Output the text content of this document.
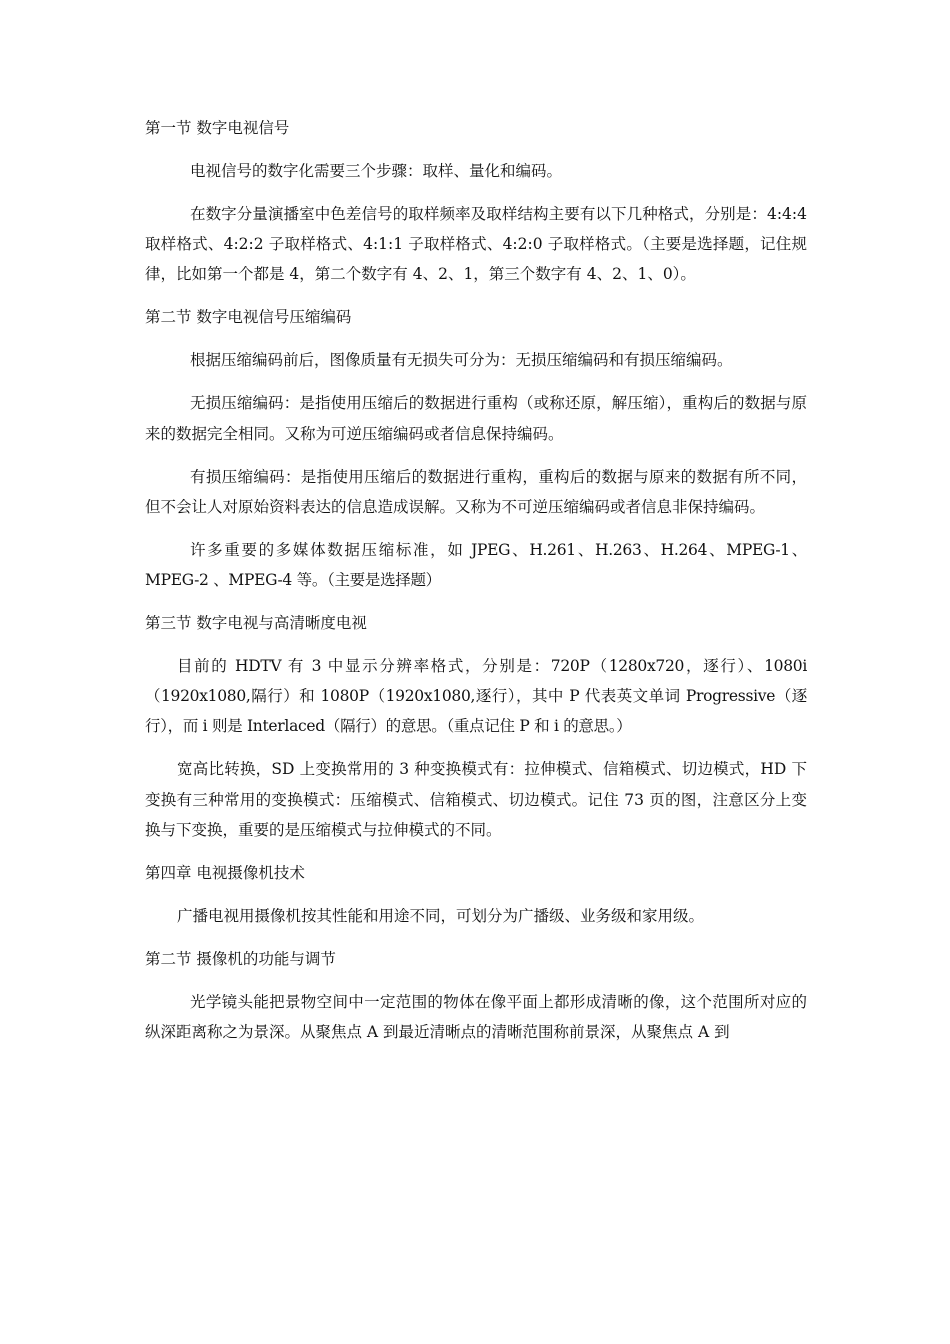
第一节 数字电视信号

电视信号的数字化需要三个步骤：取样、量化和编码。

在数字分量演播室中色差信号的取样频率及取样结构主要有以下几种格式，分别是：4:4:4 取样格式、4:2:2 子取样格式、4:1:1 子取样格式、4:2:0 子取样格式。（主要是选择题，记住规律，比如第一个都是 4，第二个数字有 4、2、1，第三个数字有 4、2、1、0）。

第二节 数字电视信号压缩编码

根据压缩编码前后，图像质量有无损失可分为：无损压缩编码和有损压缩编码。

无损压缩编码：是指使用压缩后的数据进行重构（或称还原，解压缩），重构后的数据与原来的数据完全相同。又称为可逆压缩编码或者信息保持编码。

有损压缩编码：是指使用压缩后的数据进行重构，重构后的数据与原来的数据有所不同，但不会让人对原始资料表达的信息造成误解。又称为不可逆压缩编码或者信息非保持编码。

许多重要的多媒体数据压缩标准，如 JPEG、H.261、H.263、H.264、MPEG-1、MPEG-2 、MPEG-4 等。（主要是选择题）

第三节 数字电视与高清晰度电视

目前的 HDTV 有 3 中显示分辨率格式，分别是：720P（1280x720，逐行）、1080i（1920x1080,隔行）和 1080P（1920x1080,逐行），其中 P 代表英文单词 Progressive（逐行），而 i 则是 Interlaced（隔行）的意思。（重点记住 P 和 i 的意思。）

宽高比转换，SD 上变换常用的 3 种变换模式有：拉伸模式、信箱模式、切边模式，HD 下变换有三种常用的变换模式：压缩模式、信箱模式、切边模式。记住 73 页的图，注意区分上变换与下变换，重要的是压缩模式与拉伸模式的不同。

第四章 电视摄像机技术

广播电视用摄像机按其性能和用途不同，可划分为广播级、业务级和家用级。

第二节 摄像机的功能与调节

光学镜头能把景物空间中一定范围的物体在像平面上都形成清晰的像，这个范围所对应的纵深距离称之为景深。从聚焦点 A 到最近清晰点的清晰范围称前景深，从聚焦点 A 到
